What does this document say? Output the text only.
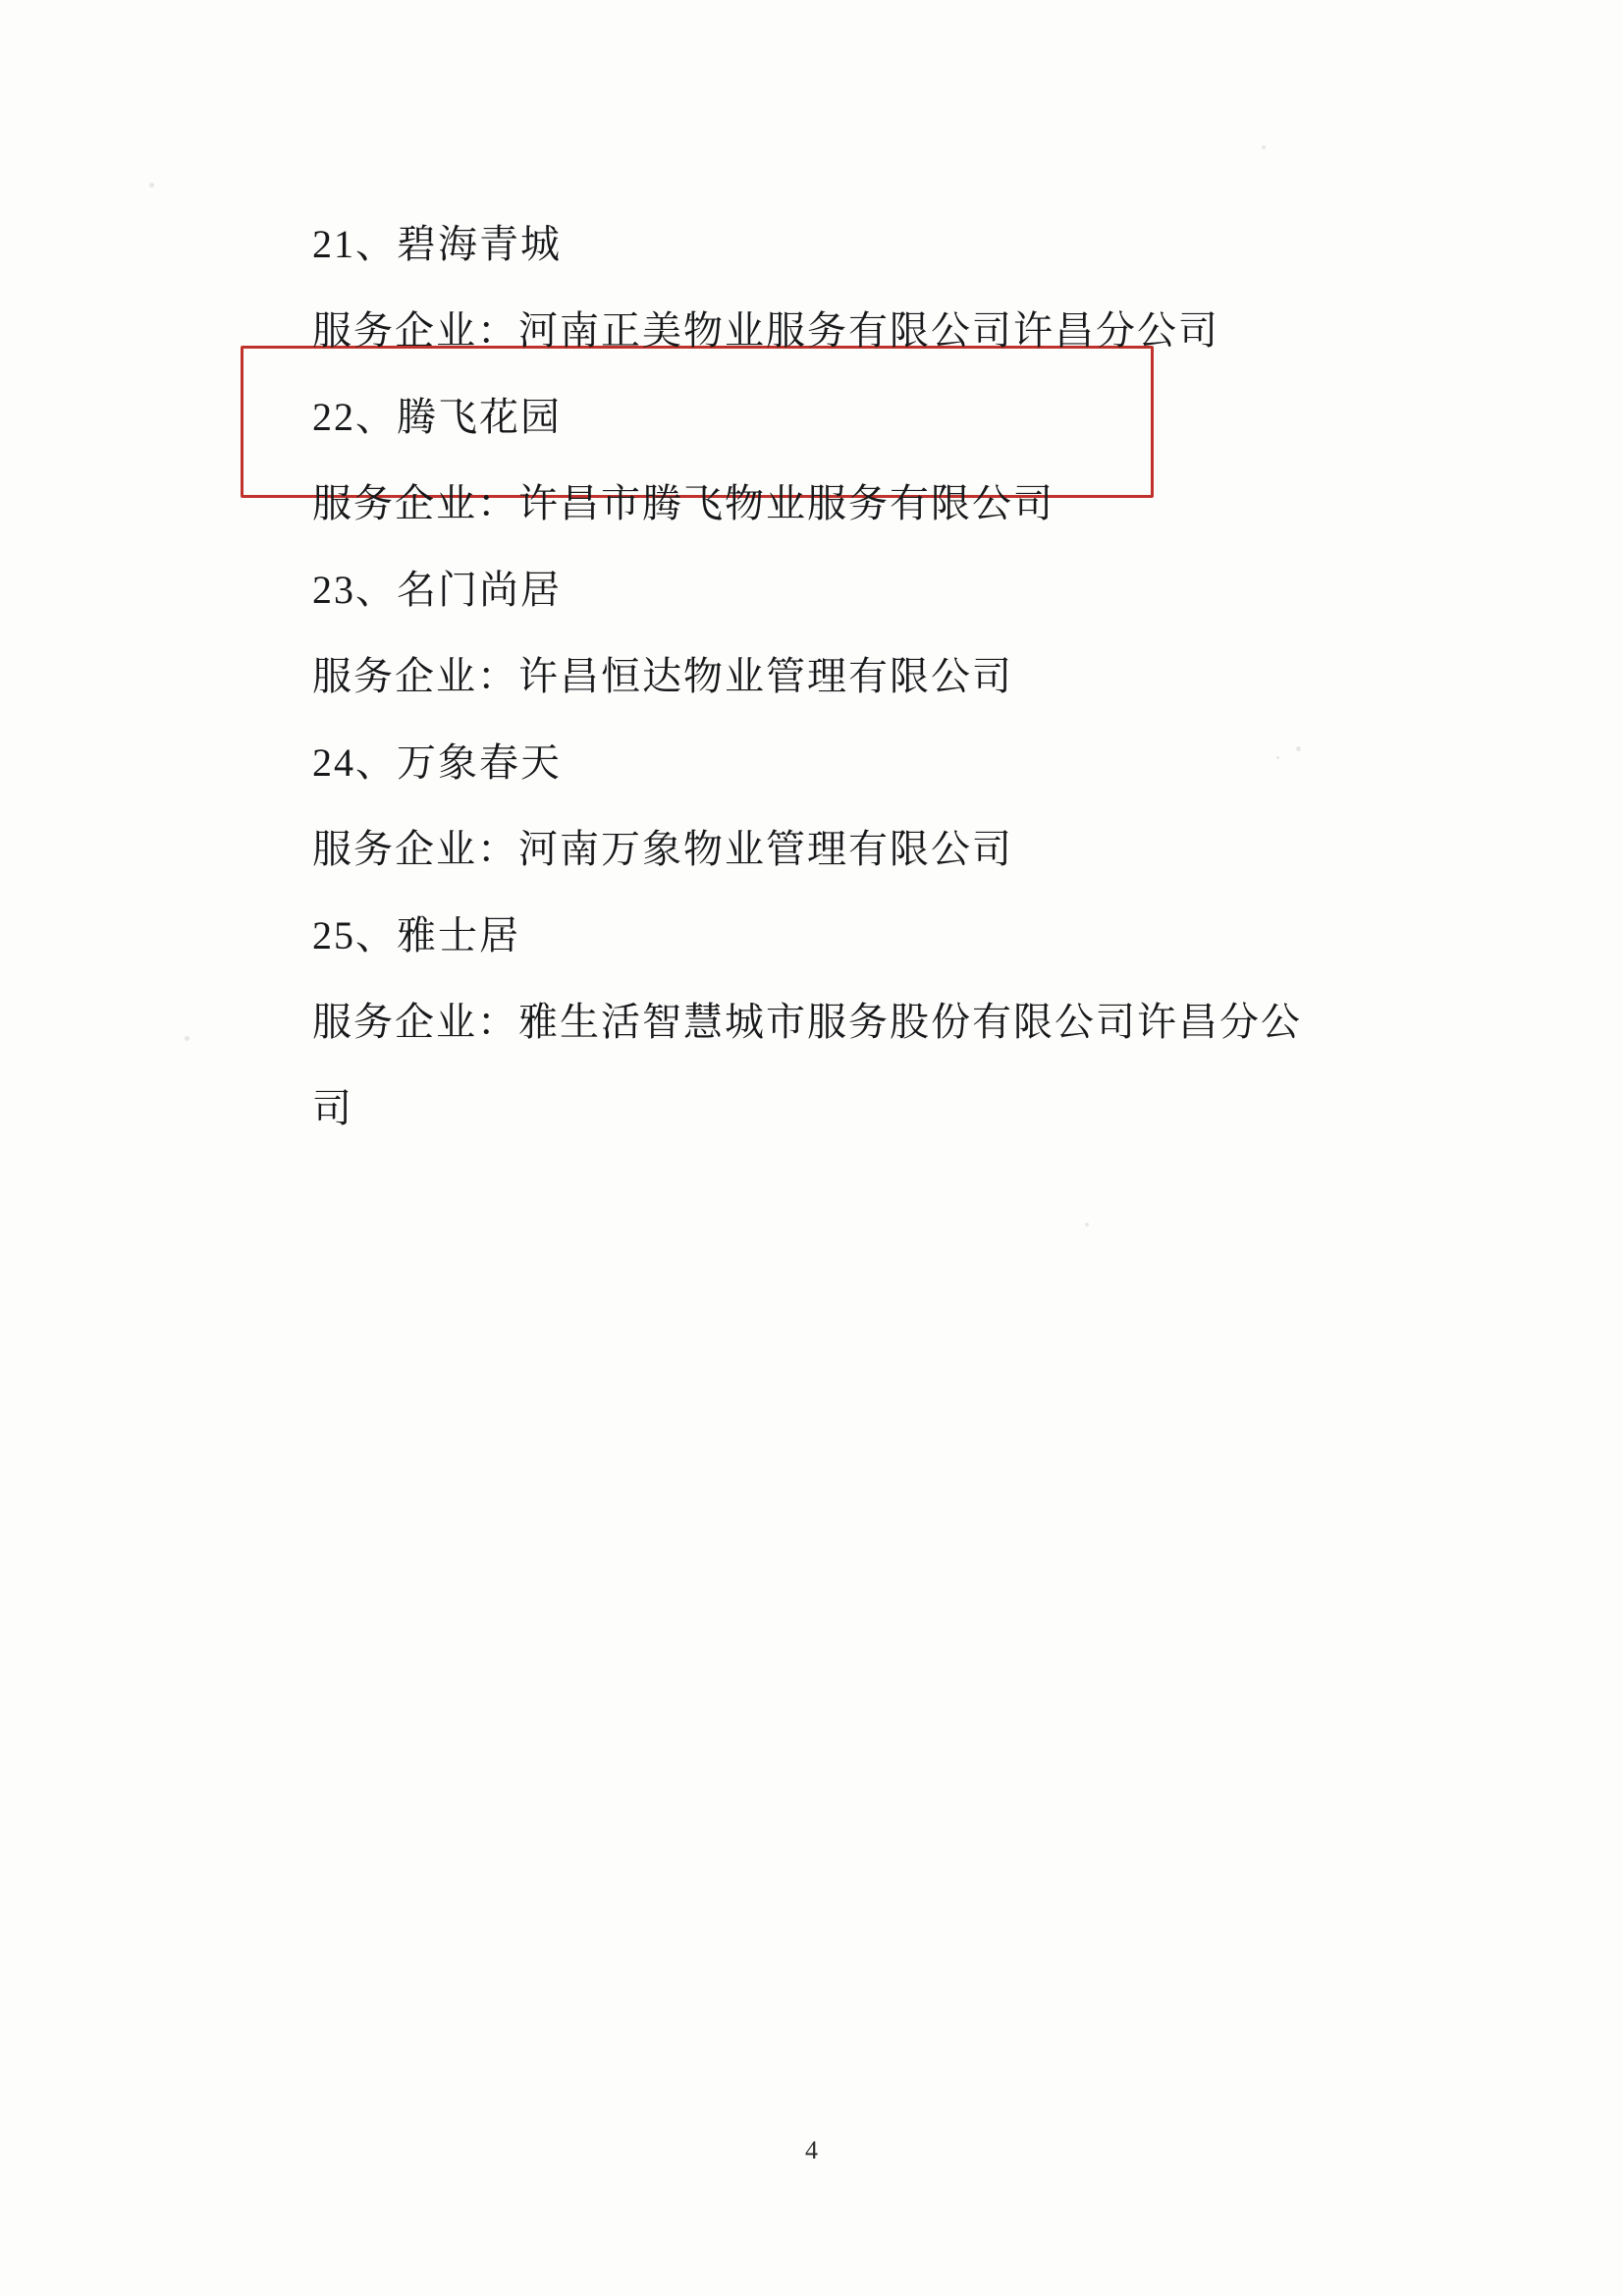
21、碧海青城
服务企业：河南正美物业服务有限公司许昌分公司
22、腾飞花园
服务企业：许昌市腾飞物业服务有限公司
23、名门尚居
服务企业：许昌恒达物业管理有限公司
24、万象春天
服务企业：河南万象物业管理有限公司
25、雅士居
服务企业：雅生活智慧城市服务股份有限公司许昌分公
司
4
